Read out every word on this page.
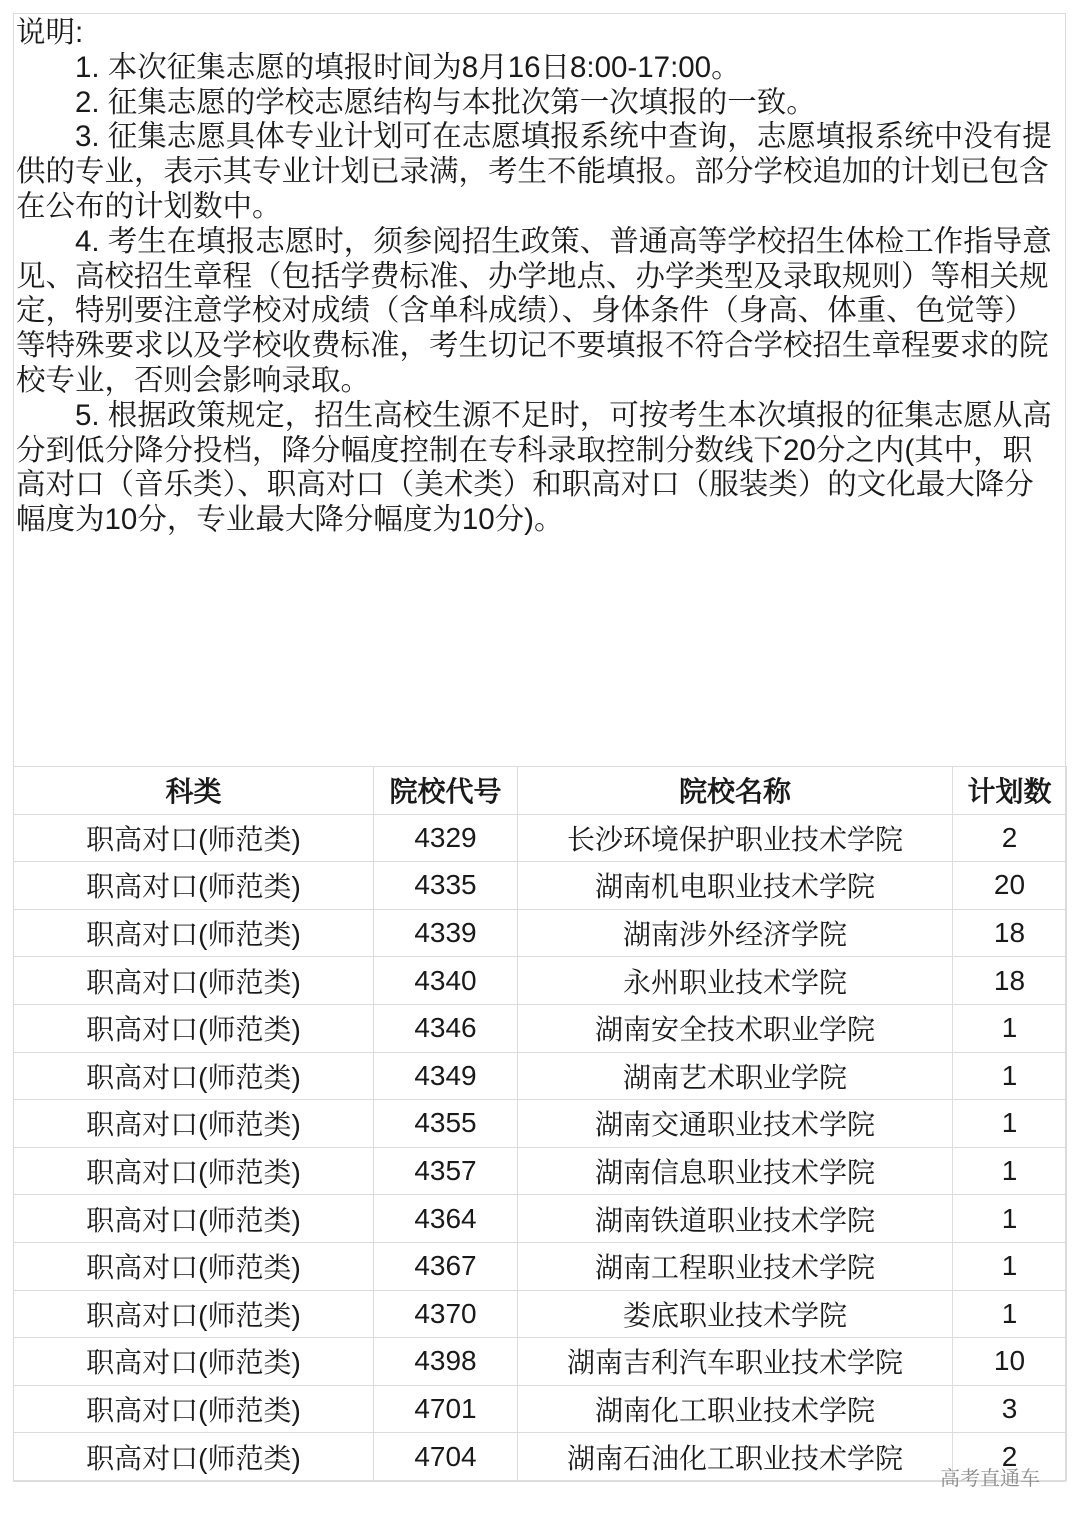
说明:

1. 本次征集志愿的填报时间为8月16日8:00-17:00。

2. 征集志愿的学校志愿结构与本批次第一次填报的一致。

3. 征集志愿具体专业计划可在志愿填报系统中查询，志愿填报系统中没有提供的专业，表示其专业计划已录满，考生不能填报。部分学校追加的计划已包含在公布的计划数中。

4. 考生在填报志愿时，须参阅招生政策、普通高等学校招生体检工作指导意见、高校招生章程（包括学费标准、办学地点、办学类型及录取规则）等相关规定，特别要注意学校对成绩（含单科成绩）、身体条件（身高、体重、色觉等）等特殊要求以及学校收费标准，考生切记不要填报不符合学校招生章程要求的院校专业，否则会影响录取。

5. 根据政策规定，招生高校生源不足时，可按考生本次填报的征集志愿从高分到低分降分投档，降分幅度控制在专科录取控制分数线下20分之内(其中，职高对口（音乐类）、职高对口（美术类）和职高对口（服装类）的文化最大降分幅度为10分，专业最大降分幅度为10分)。

科类	院校代号	院校名称	计划数
职高对口(师范类)	4329	长沙环境保护职业技术学院	2
职高对口(师范类)	4335	湖南机电职业技术学院	20
职高对口(师范类)	4339	湖南涉外经济学院	18
职高对口(师范类)	4340	永州职业技术学院	18
职高对口(师范类)	4346	湖南安全技术职业学院	1
职高对口(师范类)	4349	湖南艺术职业学院	1
职高对口(师范类)	4355	湖南交通职业技术学院	1
职高对口(师范类)	4357	湖南信息职业技术学院	1
职高对口(师范类)	4364	湖南铁道职业技术学院	1
职高对口(师范类)	4367	湖南工程职业技术学院	1
职高对口(师范类)	4370	娄底职业技术学院	1
职高对口(师范类)	4398	湖南吉利汽车职业技术学院	10
职高对口(师范类)	4701	湖南化工职业技术学院	3
职高对口(师范类)	4704	湖南石油化工职业技术学院	2
高考直通车
